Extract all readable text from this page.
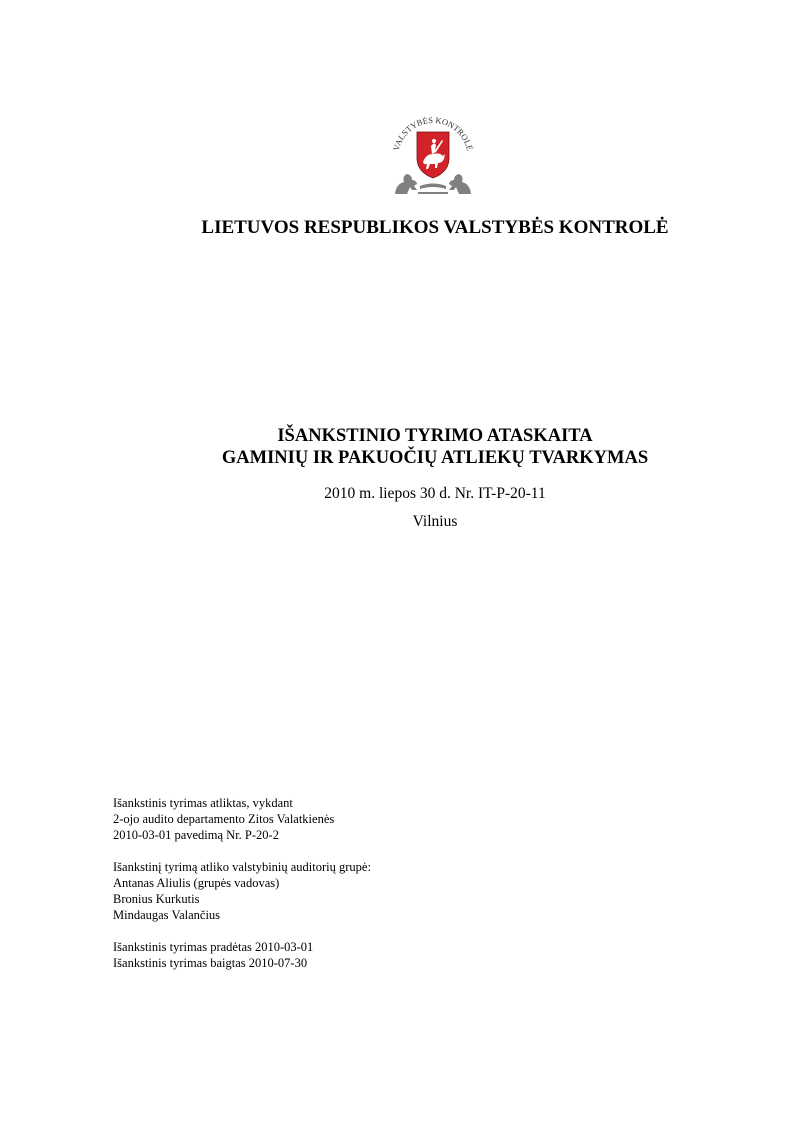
VALSTYBĖS KONTROLĖ
LIETUVOS RESPUBLIKOS VALSTYBĖS KONTROLĖ
IŠANKSTINIO TYRIMO ATASKAITA
GAMINIŲ IR PAKUOČIŲ ATLIEKŲ TVARKYMAS
2010 m. liepos 30 d. Nr. IT-P-20-11
Vilnius
Išankstinis tyrimas atliktas, vykdant
2-ojo audito departamento Zitos Valatkienės
2010-03-01 pavedimą Nr. P-20-2
Išankstinį tyrimą atliko valstybinių auditorių grupė:
Antanas Aliulis (grupės vadovas)
Bronius Kurkutis
Mindaugas Valančius
Išankstinis tyrimas pradėtas 2010-03-01
Išankstinis tyrimas baigtas 2010-07-30
